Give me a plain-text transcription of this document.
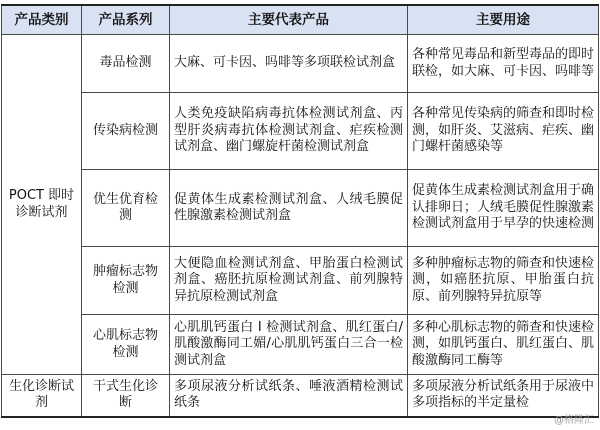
产品类别	产品系列	主要代表产品	主要用途
POCT 即时诊断试剂	毒品检测	大麻、可卡因、吗啡等多项联检试剂盒	各种常见毒品和新型毒品的即时联检，如大麻、可卡因、吗啡等
	传染病检测	人类免疫缺陷病毒抗体检测试剂盒、丙型肝炎病毒抗体检测试剂盒、疟疾检测试剂盒、幽门螺旋杆菌检测试剂盒	各种常见传染病的筛查和即时检测，如肝炎、艾滋病、疟疾、幽门螺杆菌感染等
	优生优育检测	促黄体生成素检测试剂盒、人绒毛膜促性腺激素检测试剂盒	促黄体生成素检测试剂盒用于确认排卵日；人绒毛膜促性腺激素检测试剂盒用于早孕的快速检测
	肿瘤标志物检测	大便隐血检测试剂盒、甲胎蛋白检测试剂盒、癌胚抗原检测试剂盒、前列腺特异抗原检测试剂盒	多种肿瘤标志物的筛查和快速检测，如癌胚抗原、甲胎蛋白抗原、前列腺特异抗原等
	心肌标志物检测	心肌肌钙蛋白 I 检测试剂盒、肌红蛋白/肌酸激酶同工媚/心肌肌钙蛋白三合一检测试剂盒	多种心肌标志物的筛查和快速检测，如肌钙蛋白、肌红蛋白、肌酸激酶同工酶等
生化诊断试剂	干式生化诊断	多项尿液分析试纸条、唾液酒精检测试纸条	多项尿液分析试纸条用于尿液中多项指标的半定量检
@格隆汇
